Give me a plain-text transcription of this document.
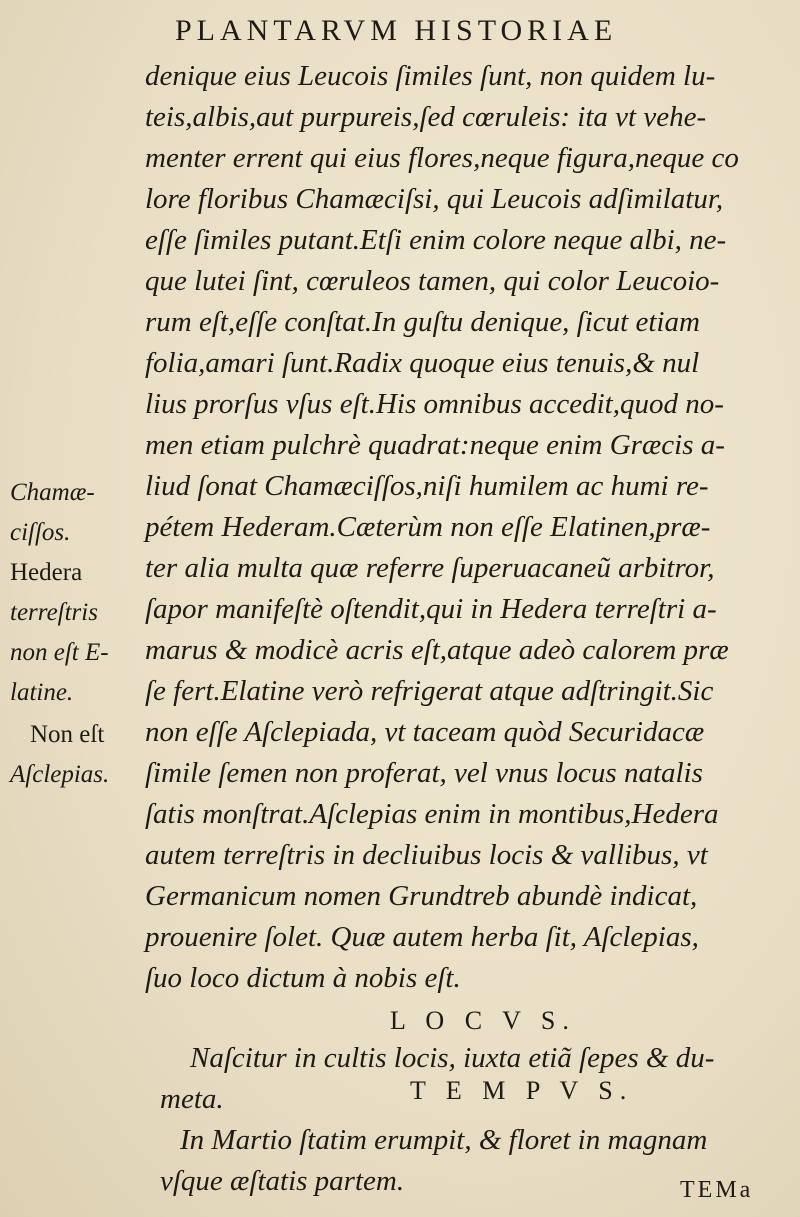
PLANTARVM HISTORIAE
denique eius Leucois ſimiles ſunt, non quidem lu-
teis,albis,aut purpureis,ſed cœruleis: ita vt vehe-
menter errent qui eius flores,neque figura,neque co
lore floribus Chamæciſsi, qui Leucois adſimilatur,
eſſe ſimiles putant.Etſi enim colore neque albi, ne-
que lutei ſint, cœruleos tamen, qui color Leucoio-
rum eſt,eſſe conſtat.In guſtu denique, ſicut etiam
folia,amari ſunt.Radix quoque eius tenuis,& nul
lius prorſus vſus eſt.His omnibus accedit,quod no-
men etiam pulchrè quadrat:neque enim Græcis a-
liud ſonat Chamæciſſos,niſi humilem ac humi re-
pétem Hederam.Cæterùm non eſſe Elatinen,præ-
ter alia multa quæ referre ſuperuacaneũ arbitror,
ſapor manifeſtè oſtendit,qui in Hedera terreſtri a-
marus & modicè acris eſt,atque adeò calorem præ
ſe fert.Elatine verò refrigerat atque adſtringit.Sic
non eſſe Aſclepiada, vt taceam quòd Securidacæ
ſimile ſemen non proferat, vel vnus locus natalis
ſatis monſtrat.Aſclepias enim in montibus,Hedera
autem terreſtris in decliuibus locis & vallibus, vt
Germanicum nomen Grundtreb abundè indicat,
prouenire ſolet. Quæ autem herba ſit, Aſclepias,
ſuo loco dictum à nobis eſt.
Chamæ-
ciſſos.
Hedera
terreſtris
non eſt E-
latine.
Non eſt
Aſclepias.
L O C V S.
Naſcitur in cultis locis, iuxta etiã ſepes & du-
meta.	T E M P V S.
In Martio ſtatim erumpit, & floret in magnam
vſque æſtatis partem.	TEMa
